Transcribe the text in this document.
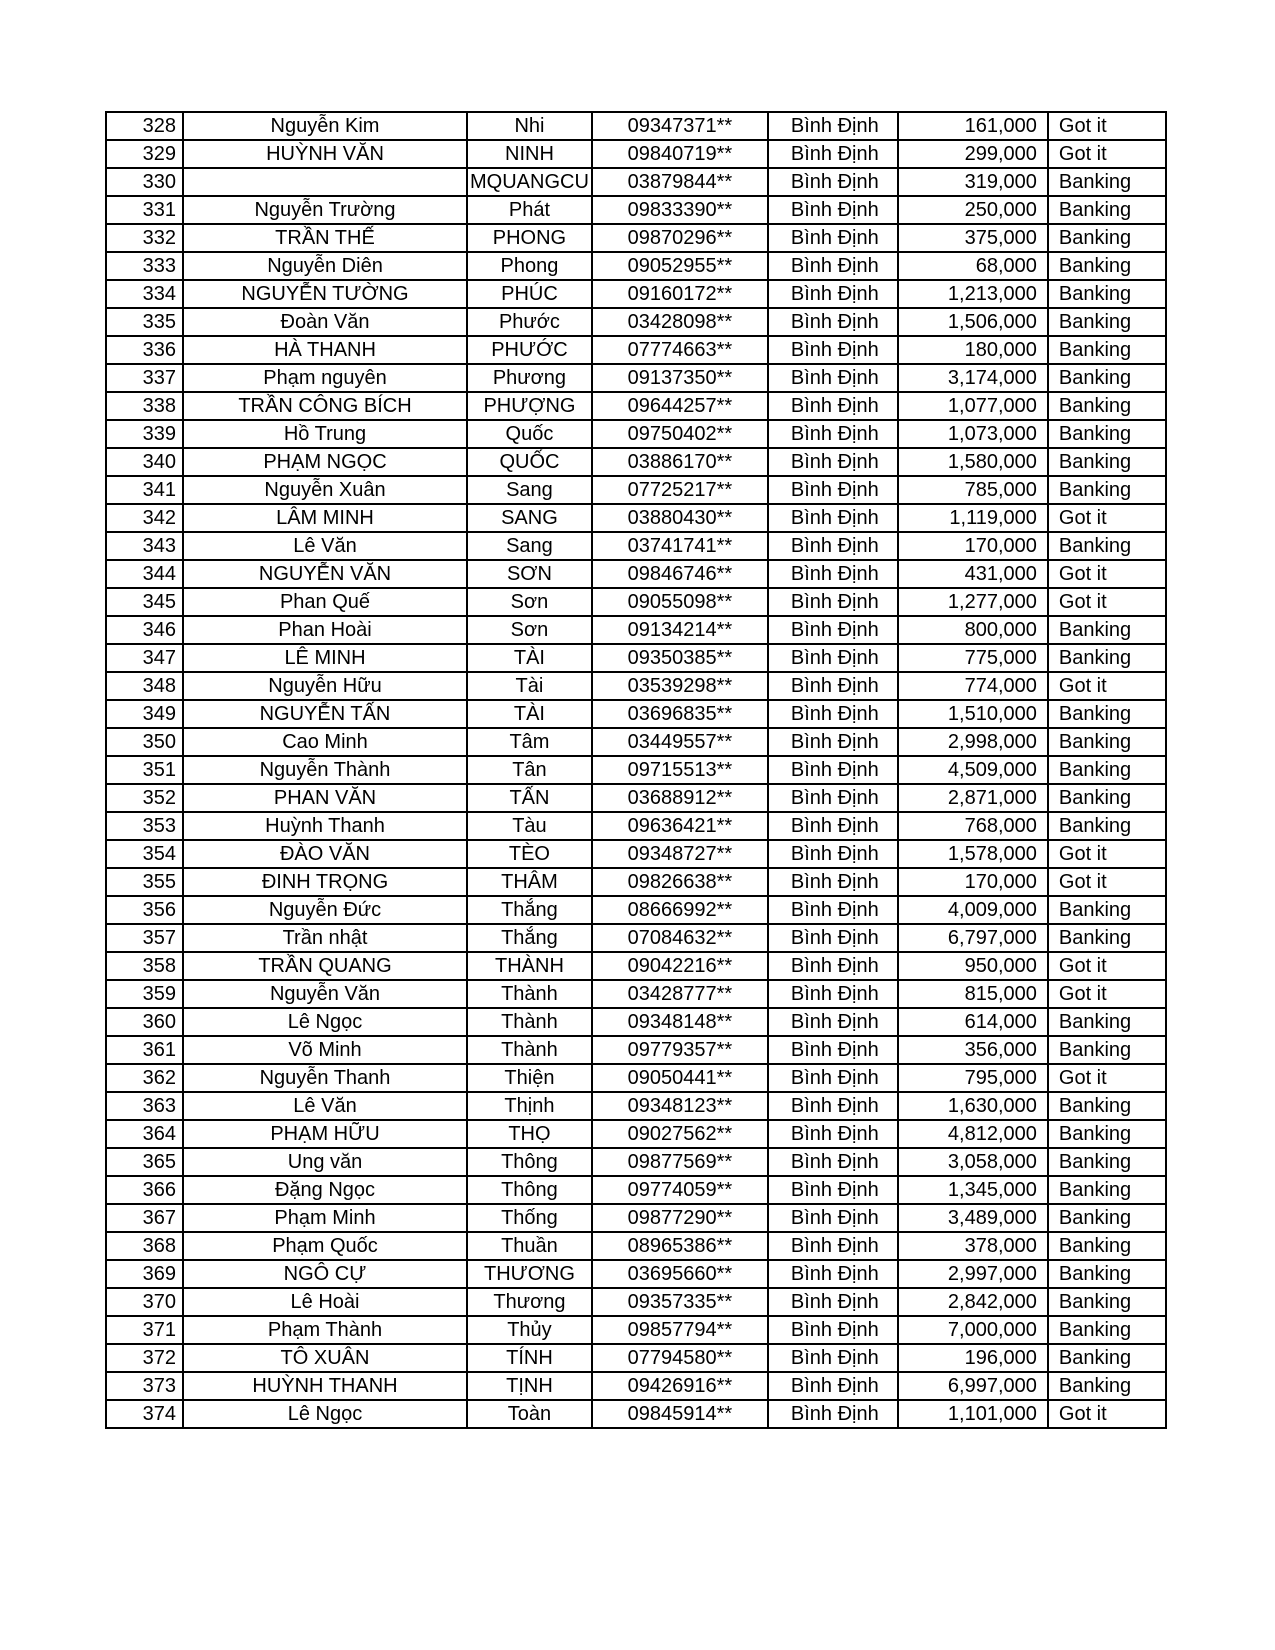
328	Nguyễn Kim	Nhi	09347371**	Bình Định	161,000	Got it
329	HUỲNH VĂN	NINH	09840719**	Bình Định	299,000	Got it
330		MQUANGCU	03879844**	Bình Định	319,000	Banking
331	Nguyễn Trường	Phát	09833390**	Bình Định	250,000	Banking
332	TRẦN THẾ	PHONG	09870296**	Bình Định	375,000	Banking
333	Nguyễn Diên	Phong	09052955**	Bình Định	68,000	Banking
334	NGUYỄN TƯỜNG	PHÚC	09160172**	Bình Định	1,213,000	Banking
335	Đoàn Văn	Phước	03428098**	Bình Định	1,506,000	Banking
336	HÀ THANH	PHƯỚC	07774663**	Bình Định	180,000	Banking
337	Phạm nguyên	Phương	09137350**	Bình Định	3,174,000	Banking
338	TRẦN CÔNG BÍCH	PHƯỢNG	09644257**	Bình Định	1,077,000	Banking
339	Hồ Trung	Quốc	09750402**	Bình Định	1,073,000	Banking
340	PHẠM NGỌC	QUỐC	03886170**	Bình Định	1,580,000	Banking
341	Nguyễn Xuân	Sang	07725217**	Bình Định	785,000	Banking
342	LÂM MINH	SANG	03880430**	Bình Định	1,119,000	Got it
343	Lê Văn	Sang	03741741**	Bình Định	170,000	Banking
344	NGUYỄN VĂN	SƠN	09846746**	Bình Định	431,000	Got it
345	Phan Quế	Sơn	09055098**	Bình Định	1,277,000	Got it
346	Phan Hoài	Sơn	09134214**	Bình Định	800,000	Banking
347	LÊ MINH	TÀI	09350385**	Bình Định	775,000	Banking
348	Nguyễn Hữu	Tài	03539298**	Bình Định	774,000	Got it
349	NGUYỄN TẤN	TÀI	03696835**	Bình Định	1,510,000	Banking
350	Cao Minh	Tâm	03449557**	Bình Định	2,998,000	Banking
351	Nguyễn Thành	Tân	09715513**	Bình Định	4,509,000	Banking
352	PHAN VĂN	TẤN	03688912**	Bình Định	2,871,000	Banking
353	Huỳnh Thanh	Tàu	09636421**	Bình Định	768,000	Banking
354	ĐÀO VĂN	TÈO	09348727**	Bình Định	1,578,000	Got it
355	ĐINH TRỌNG	THÂM	09826638**	Bình Định	170,000	Got it
356	Nguyễn Đức	Thắng	08666992**	Bình Định	4,009,000	Banking
357	Trần nhật	Thắng	07084632**	Bình Định	6,797,000	Banking
358	TRẦN QUANG	THÀNH	09042216**	Bình Định	950,000	Got it
359	Nguyễn Văn	Thành	03428777**	Bình Định	815,000	Got it
360	Lê Ngọc	Thành	09348148**	Bình Định	614,000	Banking
361	Võ Minh	Thành	09779357**	Bình Định	356,000	Banking
362	Nguyễn Thanh	Thiện	09050441**	Bình Định	795,000	Got it
363	Lê Văn	Thịnh	09348123**	Bình Định	1,630,000	Banking
364	PHẠM HỮU	THỌ	09027562**	Bình Định	4,812,000	Banking
365	Ung văn	Thông	09877569**	Bình Định	3,058,000	Banking
366	Đặng Ngọc	Thông	09774059**	Bình Định	1,345,000	Banking
367	Phạm Minh	Thống	09877290**	Bình Định	3,489,000	Banking
368	Phạm Quốc	Thuần	08965386**	Bình Định	378,000	Banking
369	NGÔ CỰ	THƯƠNG	03695660**	Bình Định	2,997,000	Banking
370	Lê Hoài	Thương	09357335**	Bình Định	2,842,000	Banking
371	Phạm Thành	Thủy	09857794**	Bình Định	7,000,000	Banking
372	TÔ XUÂN	TÍNH	07794580**	Bình Định	196,000	Banking
373	HUỲNH THANH	TỊNH	09426916**	Bình Định	6,997,000	Banking
374	Lê Ngọc	Toàn	09845914**	Bình Định	1,101,000	Got it
